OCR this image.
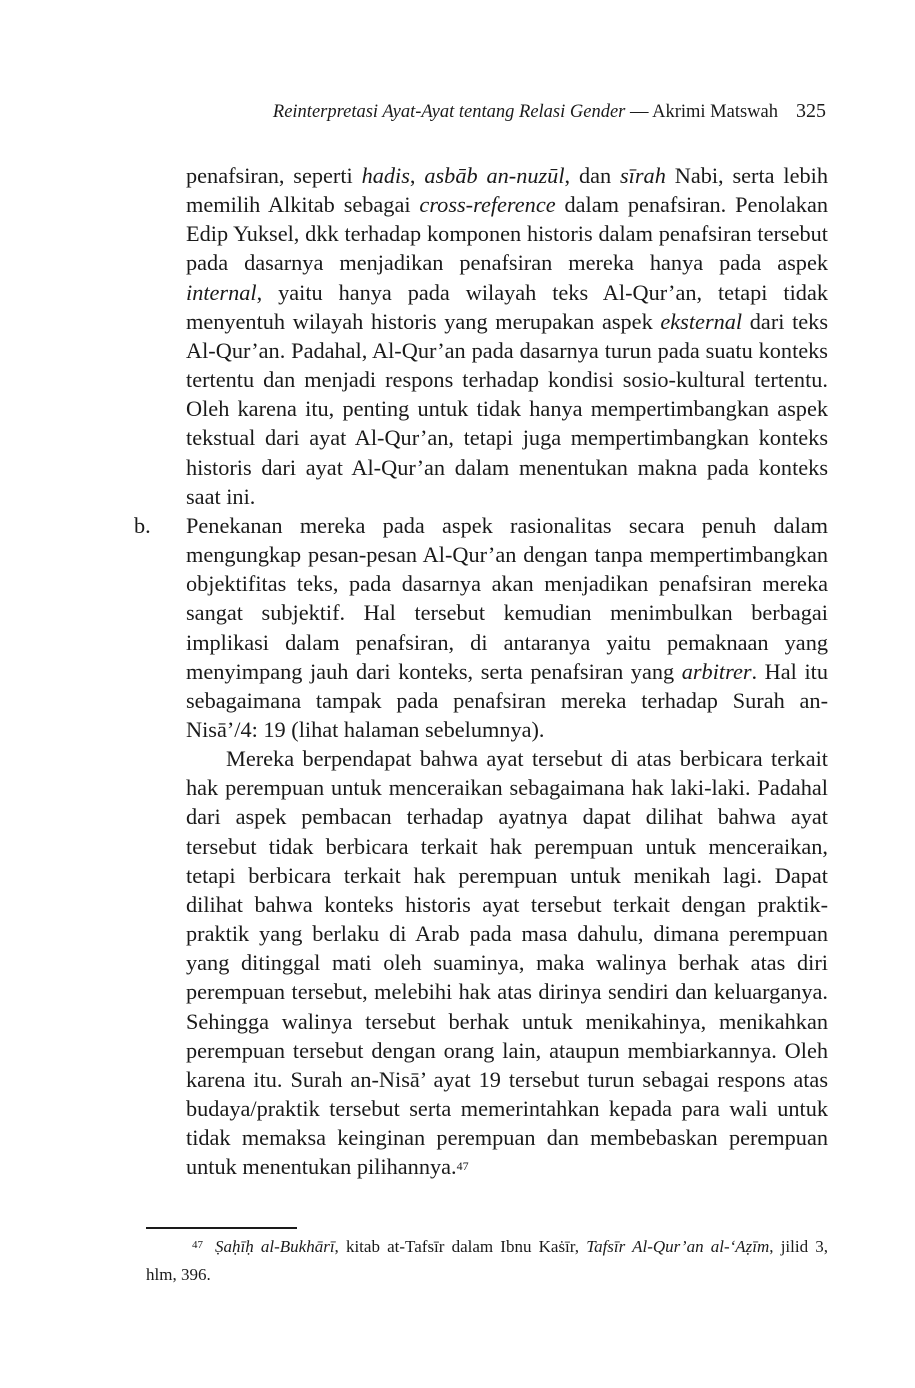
Reinterpretasi Ayat-Ayat tentang Relasi Gender — Akrimi Matswah 325

penafsiran, seperti hadis, asbāb an-nuzūl, dan sīrah Nabi, serta lebih memilih Alkitab sebagai cross-reference dalam penafsiran. Penolakan Edip Yuksel, dkk terhadap komponen historis dalam penafsiran tersebut pada dasarnya menjadikan penafsiran mereka hanya pada aspek internal, yaitu hanya pada wilayah teks Al-Qur’an, tetapi tidak menyentuh wilayah historis yang merupakan aspek eksternal dari teks Al-Qur’an. Padahal, Al-Qur’an pada dasarnya turun pada suatu konteks tertentu dan menjadi respons terhadap kondisi sosio-kultural tertentu. Oleh karena itu, penting untuk tidak hanya mempertimbangkan aspek tekstual dari ayat Al-Qur’an, tetapi juga mempertimbangkan konteks historis dari ayat Al-Qur’an dalam menentukan makna pada konteks saat ini.

b. Penekanan mereka pada aspek rasionalitas secara penuh dalam mengungkap pesan-pesan Al-Qur’an dengan tanpa mempertimbangkan objektifitas teks, pada dasarnya akan menjadikan penafsiran mereka sangat subjektif. Hal tersebut kemudian menimbulkan berbagai implikasi dalam penafsiran, di antaranya yaitu pemaknaan yang menyimpang jauh dari konteks, serta penafsiran yang arbitrer. Hal itu sebagaimana tampak pada penafsiran mereka terhadap Surah an-Nisā’/4: 19 (lihat halaman sebelumnya).

Mereka berpendapat bahwa ayat tersebut di atas berbicara terkait hak perempuan untuk menceraikan sebagaimana hak laki-laki. Padahal dari aspek pembacan terhadap ayatnya dapat dilihat bahwa ayat tersebut tidak berbicara terkait hak perempuan untuk menceraikan, tetapi berbicara terkait hak perempuan untuk menikah lagi. Dapat dilihat bahwa konteks historis ayat tersebut terkait dengan praktik-praktik yang berlaku di Arab pada masa dahulu, dimana perempuan yang ditinggal mati oleh suaminya, maka walinya berhak atas diri perempuan tersebut, melebihi hak atas dirinya sendiri dan keluarganya. Sehingga walinya tersebut berhak untuk menikahinya, menikahkan perempuan tersebut dengan orang lain, ataupun membiarkannya. Oleh karena itu. Surah an-Nisā’ ayat 19 tersebut turun sebagai respons atas budaya/praktik tersebut serta memerintahkan kepada para wali untuk tidak memaksa keinginan perempuan dan membebaskan perempuan untuk menentukan pilihannya.$^{47}$

$^{47}$ Ṣaḥīḥ al-Bukhārī, kitab at-Tafsīr dalam Ibnu Kaṡīr, Tafsīr Al-Qur’an al-‘Aẓīm, jilid 3, hlm, 396.
